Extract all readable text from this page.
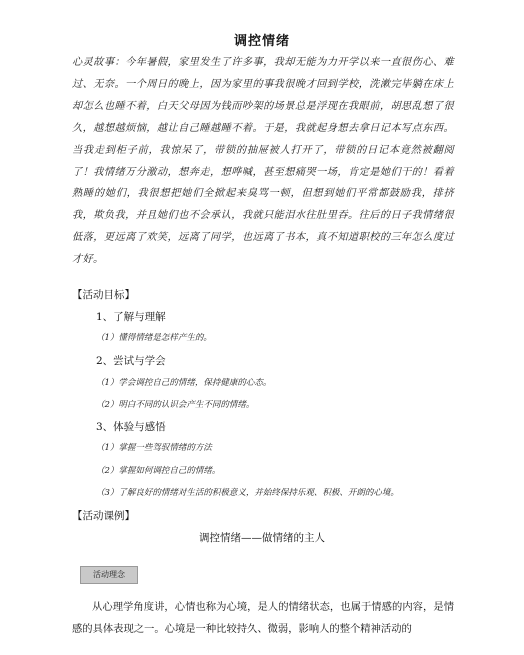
调控情绪
心灵故事：今年暑假，家里发生了许多事，我却无能为力开学以来一直很伤心、难过、无奈。一个周日的晚上，因为家里的事我很晚才回到学校，洗漱完毕躺在床上却怎么也睡不着，白天父母因为钱而吵架的场景总是浮现在我眼前，胡思乱想了很久，越想越烦恼，越让自己睡越睡不着。于是，我就起身想去拿日记本写点东西。当我走到柜子前，我惊呆了，带锁的抽屉被人打开了，带锁的日记本竟然被翻阅了！我情绪万分激动，想奔走，想哗喊，甚至想痛哭一场，肯定是她们干的！看着熟睡的她们，我很想把她们全掀起来臭骂一顿，但想到她们平常都鼓励我，排挤我，欺负我，并且她们也不会承认，我就只能泪水往肚里吞。往后的日子我情绪很低落，更远离了欢笑，远离了同学，也远离了书本，真不知道职校的三年怎么度过才好。
【活动目标】
1、了解与理解
（1）懂得情绪是怎样产生的。
2、尝试与学会
（1）学会调控自己的情绪，保持健康的心态。
（2）明白不同的认识会产生不同的情绪。
3、体验与感悟
（1）掌握一些驾驭情绪的方法
（2）掌握如何调控自己的情绪。
（3）了解良好的情绪对生活的积极意义，并始终保持乐观、积极、开朗的心境。
【活动课例】
调控情绪——做情绪的主人
活动理念
从心理学角度讲，心情也称为心境，是人的情绪状态，也属于情感的内容，是情感的具体表现之一。心境是一种比较持久、微弱，影响人的整个精神活动的
